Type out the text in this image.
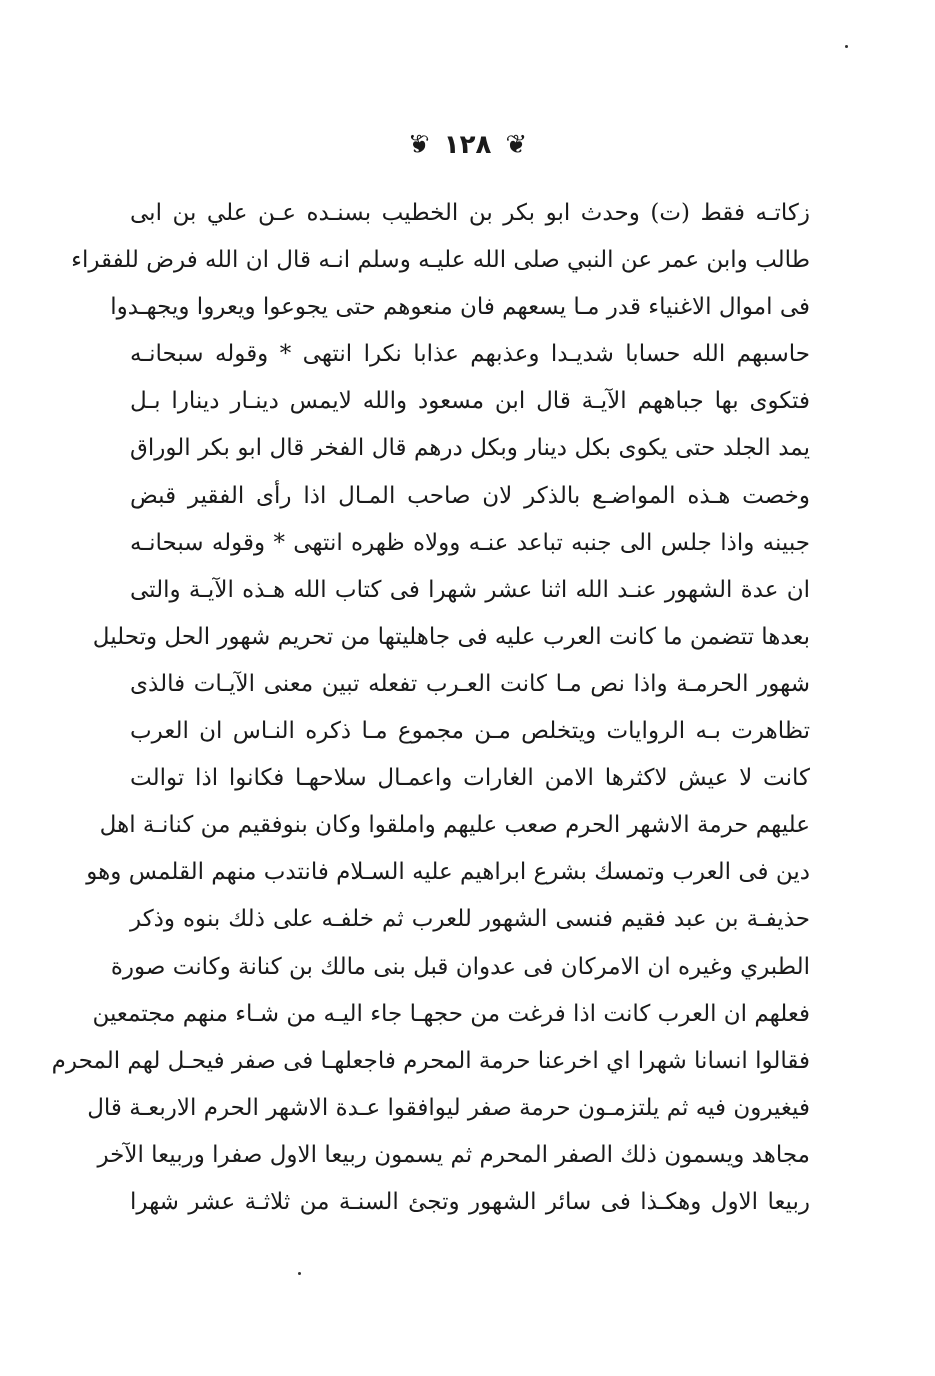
❦
١٢٨
❦
زكاتـه فقط (ت) وحدث ابو بكر بن الخطيب بسنـده عـن علي بن ابى
طالب وابن عمر عن النبي صلى الله عليـه وسلم انـه قال ان الله فرض للفقراء
فى اموال الاغنياء قدر مـا يسعهم فان منعوهم حتى يجوعوا ويعروا ويجهـدوا
حاسبهم الله حسابا شديـدا وعذبهم عذابا نكرا انتهى * وقوله سبحانـه
فتكوى بها جباههم الآيـة قال ابن مسعود والله لايمس دينـار دينارا بـل
يمد الجلد حتى يكوى بكل دينار وبكل درهم قال الفخر قال ابو بكر الوراق
وخصت هـذه المواضـع بالذكر لان صاحب المـال اذا رأى الفقير قبض
جبينه واذا جلس الى جنبه تباعد عنـه وولاه ظهره انتهى * وقوله سبحانـه
ان عدة الشهور عنـد الله اثنا عشر شهرا فى كتاب الله هـذه الآيـة والتى
بعدها تتضمن ما كانت العرب عليه فى جاهليتها من تحريم شهور الحل وتحليل
شهور الحرمـة واذا نص مـا كانت العـرب تفعله تبين معنى الآيـات فالذى
تظاهرت بـه الروايات ويتخلص مـن مجموع مـا ذكره النـاس ان العرب
كانت لا عيش لاكثرها الامن الغارات واعمـال سلاحهـا فكانوا اذا توالت
عليهم حرمة الاشهر الحرم صعب عليهم واملقوا وكان بنوفقيم من كنانـة اهل
دين فى العرب وتمسك بشرع ابراهيم عليه السـلام فانتدب منهم القلمس وهو
حذيفـة بن عبد فقيم فنسى الشهور للعرب ثم خلفـه على ذلك بنوه وذكر
الطبري وغيره ان الامركان فى عدوان قبل بنى مالك بن كنانة وكانت صورة
فعلهم ان العرب كانت اذا فرغت من حجهـا جاء اليـه من شـاء منهم مجتمعين
فقالوا انسانا شهرا اي اخرعنا حرمة المحرم فاجعلهـا فى صفر فيحـل لهم المحرم
فيغيرون فيه ثم يلتزمـون حرمة صفر ليوافقوا عـدة الاشهر الحرم الاربعـة قال
مجاهد ويسمون ذلك الصفر المحرم ثم يسمون ربيعا الاول صفرا وربيعا الآخر
ربيعا الاول وهكـذا فى سائر الشهور وتجئ السنـة من ثلاثـة عشر شهرا
